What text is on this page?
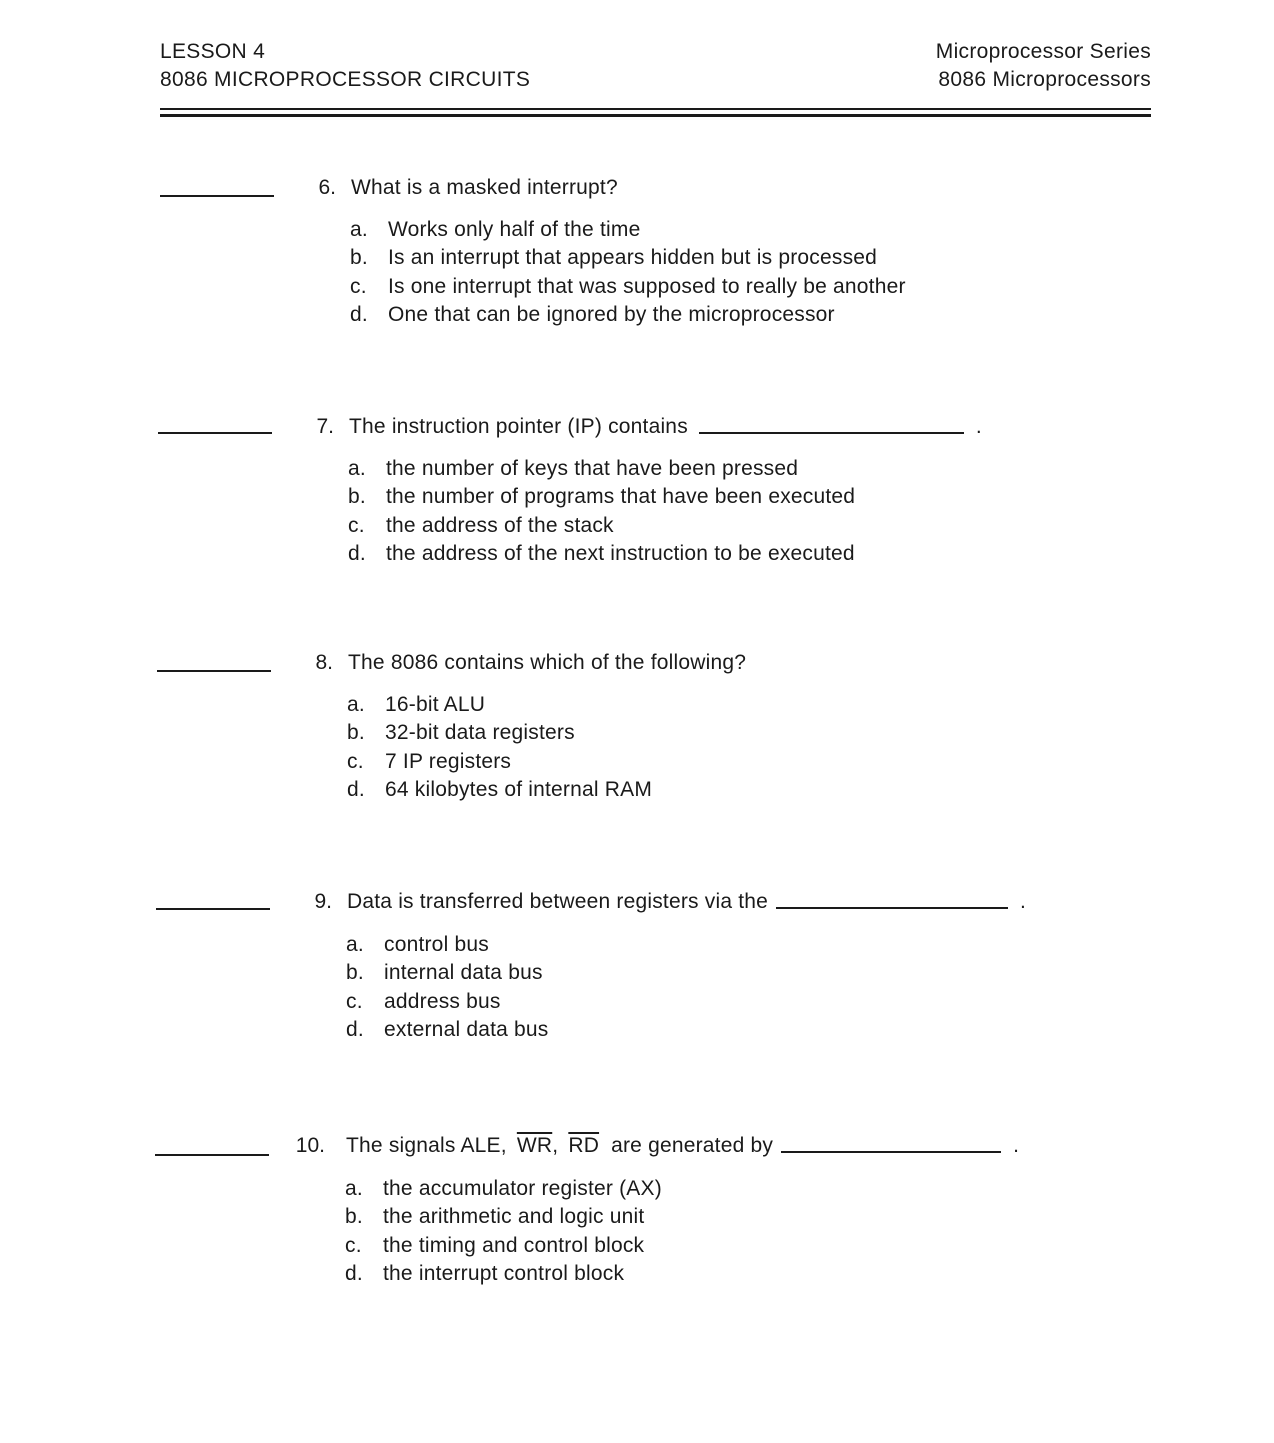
LESSON 4
8086 MICROPROCESSOR CIRCUITS
Microprocessor Series
8086 Microprocessors
6. What is a masked interrupt?
a. Works only half of the time
b. Is an interrupt that appears hidden but is processed
c.	Is one interrupt that was supposed to really be another
d. One that can be ignored by the microprocessor
7. The instruction pointer (IP) contains	.
a. the number of keys that have been pressed
b. the number of programs that have been executed
c.	the address of the stack
d. the address of the next instruction to be executed
8. The 8086 contains which of the following?
a. 16-bit ALU
b. 32-bit data registers
c.	7 IP registers
d. 64 kilobytes of internal RAM
9. Data is transferred between registers via the	.
a. control bus
b. internal data bus
c.	address bus
d. external data bus
10. The signals ALE, $\overline{WR}$, $\overline{RD}$ are generated by	.
a. the accumulator register (AX)
b. the arithmetic and logic unit
c.	the timing and control block
d. the interrupt control block
